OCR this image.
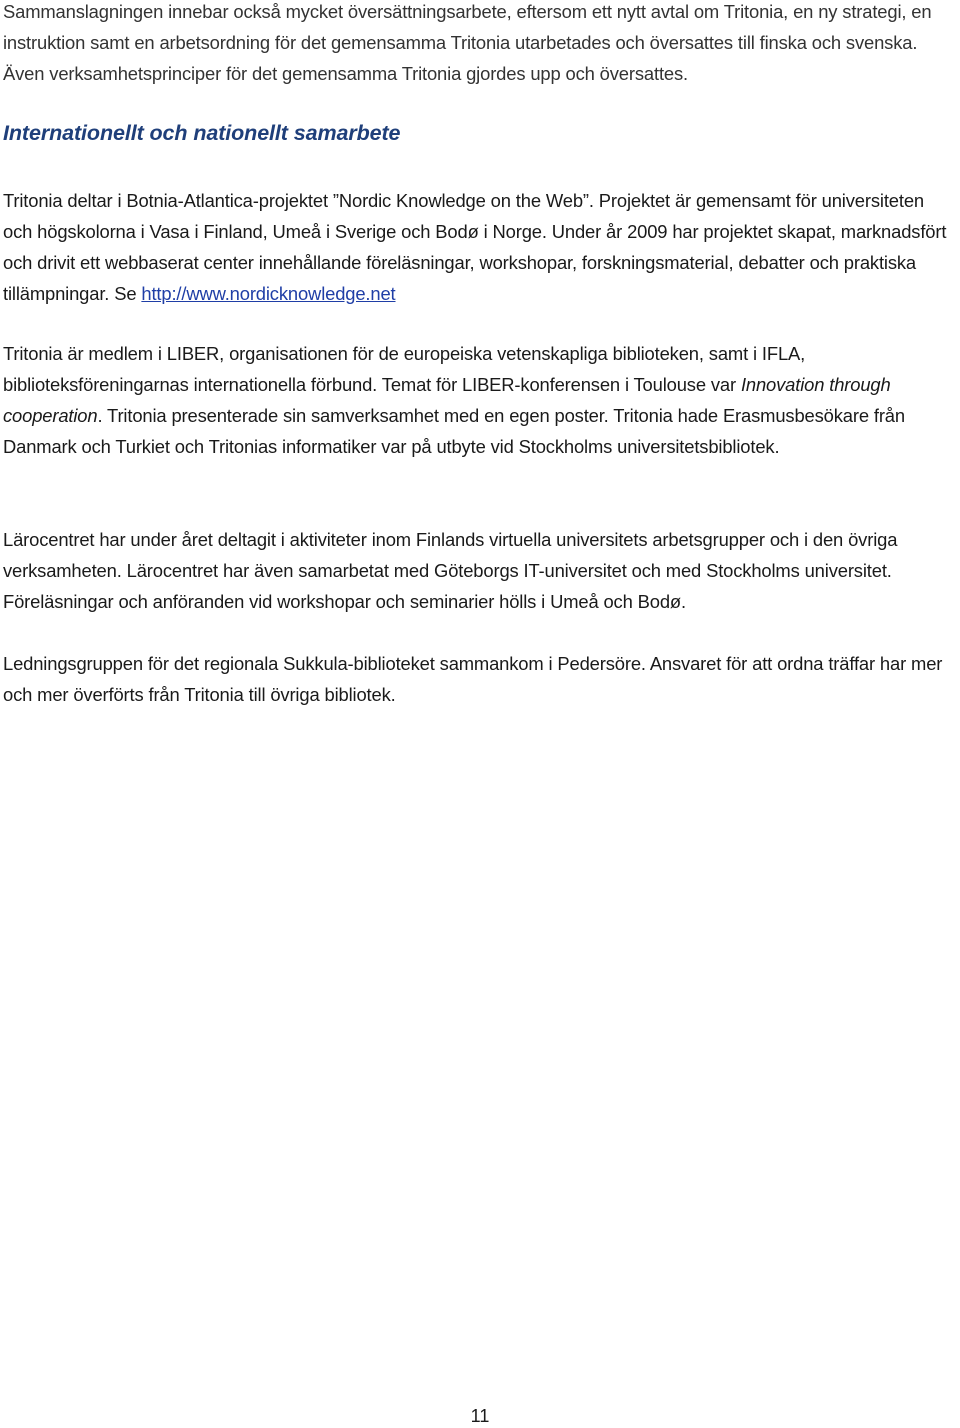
Sammanslagningen innebar också mycket översättningsarbete, eftersom ett nytt avtal om Tritonia, en ny strategi, en instruktion samt en arbetsordning för det gemensamma Tritonia utarbetades och översattes till finska och svenska. Även verksamhetsprinciper för det gemensamma Tritonia gjordes upp och översattes.

Internationellt och nationellt samarbete

Tritonia deltar i Botnia-Atlantica-projektet ”Nordic Knowledge on the Web”. Projektet är gemensamt för universiteten och högskolorna i Vasa i Finland, Umeå i Sverige och Bodø i Norge. Under år 2009 har projektet skapat, marknadsfört och drivit ett webbaserat center innehållande föreläsningar, workshopar, forskningsmaterial, debatter och praktiska tillämpningar. Se http://www.nordicknowledge.net

Tritonia är medlem i LIBER, organisationen för de europeiska vetenskapliga biblioteken, samt i IFLA, biblioteksföreningarnas internationella förbund. Temat för LIBER-konferensen i Toulouse var Innovation through cooperation. Tritonia presenterade sin samverksamhet med en egen poster. Tritonia hade Erasmusbesökare från Danmark och Turkiet och Tritonias informatiker var på utbyte vid Stockholms universitetsbibliotek.

Lärocentret har under året deltagit i aktiviteter inom Finlands virtuella universitets arbetsgrupper och i den övriga verksamheten. Lärocentret har även samarbetat med Göteborgs IT-universitet och med Stockholms universitet. Föreläsningar och anföranden vid workshopar och seminarier hölls i Umeå och Bodø.

Ledningsgruppen för det regionala Sukkula-biblioteket sammankom i Pedersöre. Ansvaret för att ordna träffar har mer och mer överförts från Tritonia till övriga bibliotek.

11
